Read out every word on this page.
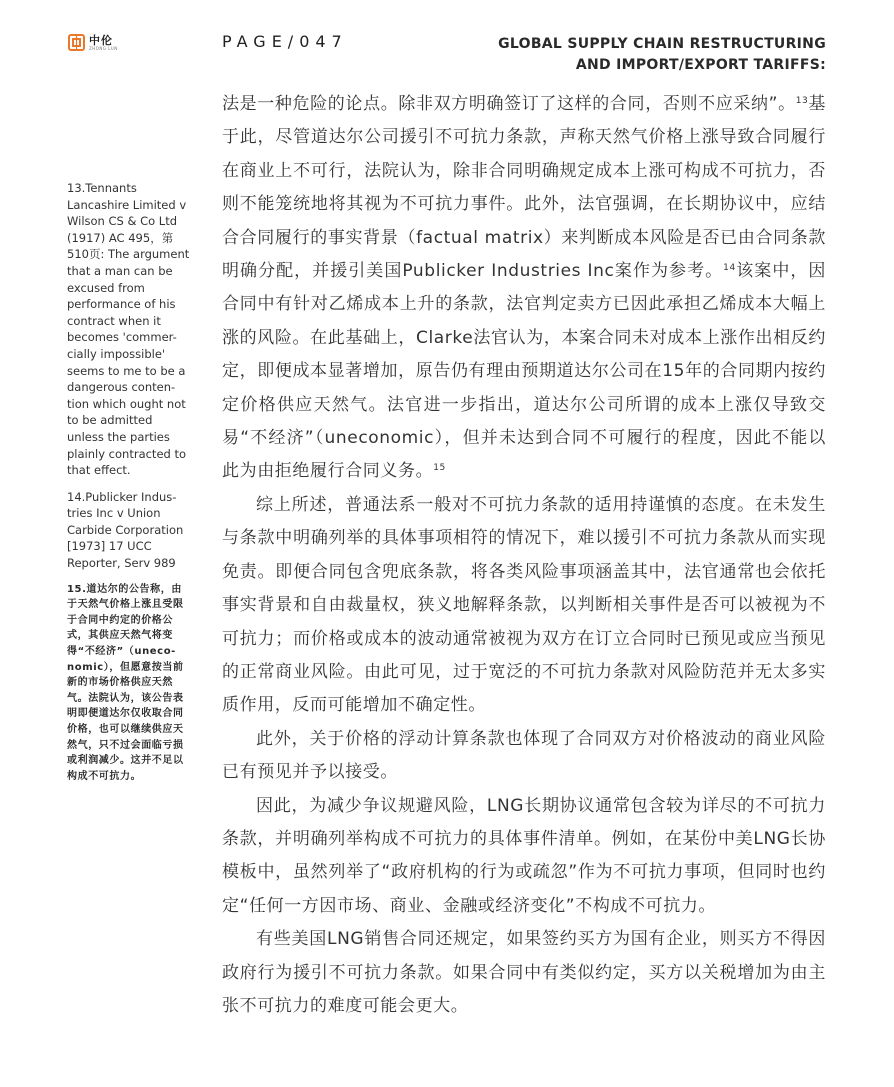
中伦
ZHONG LUN	PAGE/047	GLOBAL SUPPLY CHAIN RESTRUCTURING
AND IMPORT/EXPORT TARIFFS:
13.Tennants Lancashire Limited v Wilson CS & Co Ltd (1917) AC 495，第510页: The argument that a man can be excused from performance of his contract when it becomes 'commer-cially impossible' seems to me to be a dangerous conten-tion which ought not to be admitted unless the parties plainly contracted to that effect.
14.Publicker Indus-tries Inc v Union Carbide Corporation [1973] 17 UCC Reporter, Serv 989
15.道达尔的公告称，由于天然气价格上涨且受限于合同中约定的价格公式，其供应天然气将变得“不经济”（uneco-nomic），但愿意按当前新的市场价格供应天然气。法院认为，该公告表明即便道达尔仅收取合同价格，也可以继续供应天然气，只不过会面临亏损或利润减少。这并不足以构成不可抗力。

法是一种危险的论点。除非双方明确签订了这样的合同，否则不应采纳”。$^{13}$基于此，尽管道达尔公司援引不可抗力条款，声称天然气价格上涨导致合同履行在商业上不可行，法院认为，除非合同明确规定成本上涨可构成不可抗力，否则不能笼统地将其视为不可抗力事件。此外，法官强调，在长期协议中，应结合合同履行的事实背景（factual matrix）来判断成本风险是否已由合同条款明确分配，并援引美国Publicker Industries Inc案作为参考。$^{14}$该案中，因合同中有针对乙烯成本上升的条款，法官判定卖方已因此承担乙烯成本大幅上涨的风险。在此基础上，Clarke法官认为，本案合同未对成本上涨作出相反约定，即便成本显著增加，原告仍有理由预期道达尔公司在15年的合同期内按约定价格供应天然气。法官进一步指出，道达尔公司所谓的成本上涨仅导致交易“不经济”（uneconomic），但并未达到合同不可履行的程度，因此不能以此为由拒绝履行合同义务。$^{15}$

综上所述，普通法系一般对不可抗力条款的适用持谨慎的态度。在未发生与条款中明确列举的具体事项相符的情况下，难以援引不可抗力条款从而实现免责。即便合同包含兜底条款，将各类风险事项涵盖其中，法官通常也会依托事实背景和自由裁量权，狭义地解释条款，以判断相关事件是否可以被视为不可抗力；而价格或成本的波动通常被视为双方在订立合同时已预见或应当预见的正常商业风险。由此可见，过于宽泛的不可抗力条款对风险防范并无太多实质作用，反而可能增加不确定性。

此外，关于价格的浮动计算条款也体现了合同双方对价格波动的商业风险已有预见并予以接受。

因此，为减少争议规避风险，LNG长期协议通常包含较为详尽的不可抗力条款，并明确列举构成不可抗力的具体事件清单。例如，在某份中美LNG长协模板中，虽然列举了“政府机构的行为或疏忽”作为不可抗力事项，但同时也约定“任何一方因市场、商业、金融或经济变化”不构成不可抗力。

有些美国LNG销售合同还规定，如果签约买方为国有企业，则买方不得因政府行为援引不可抗力条款。如果合同中有类似约定，买方以关税增加为由主张不可抗力的难度可能会更大。
